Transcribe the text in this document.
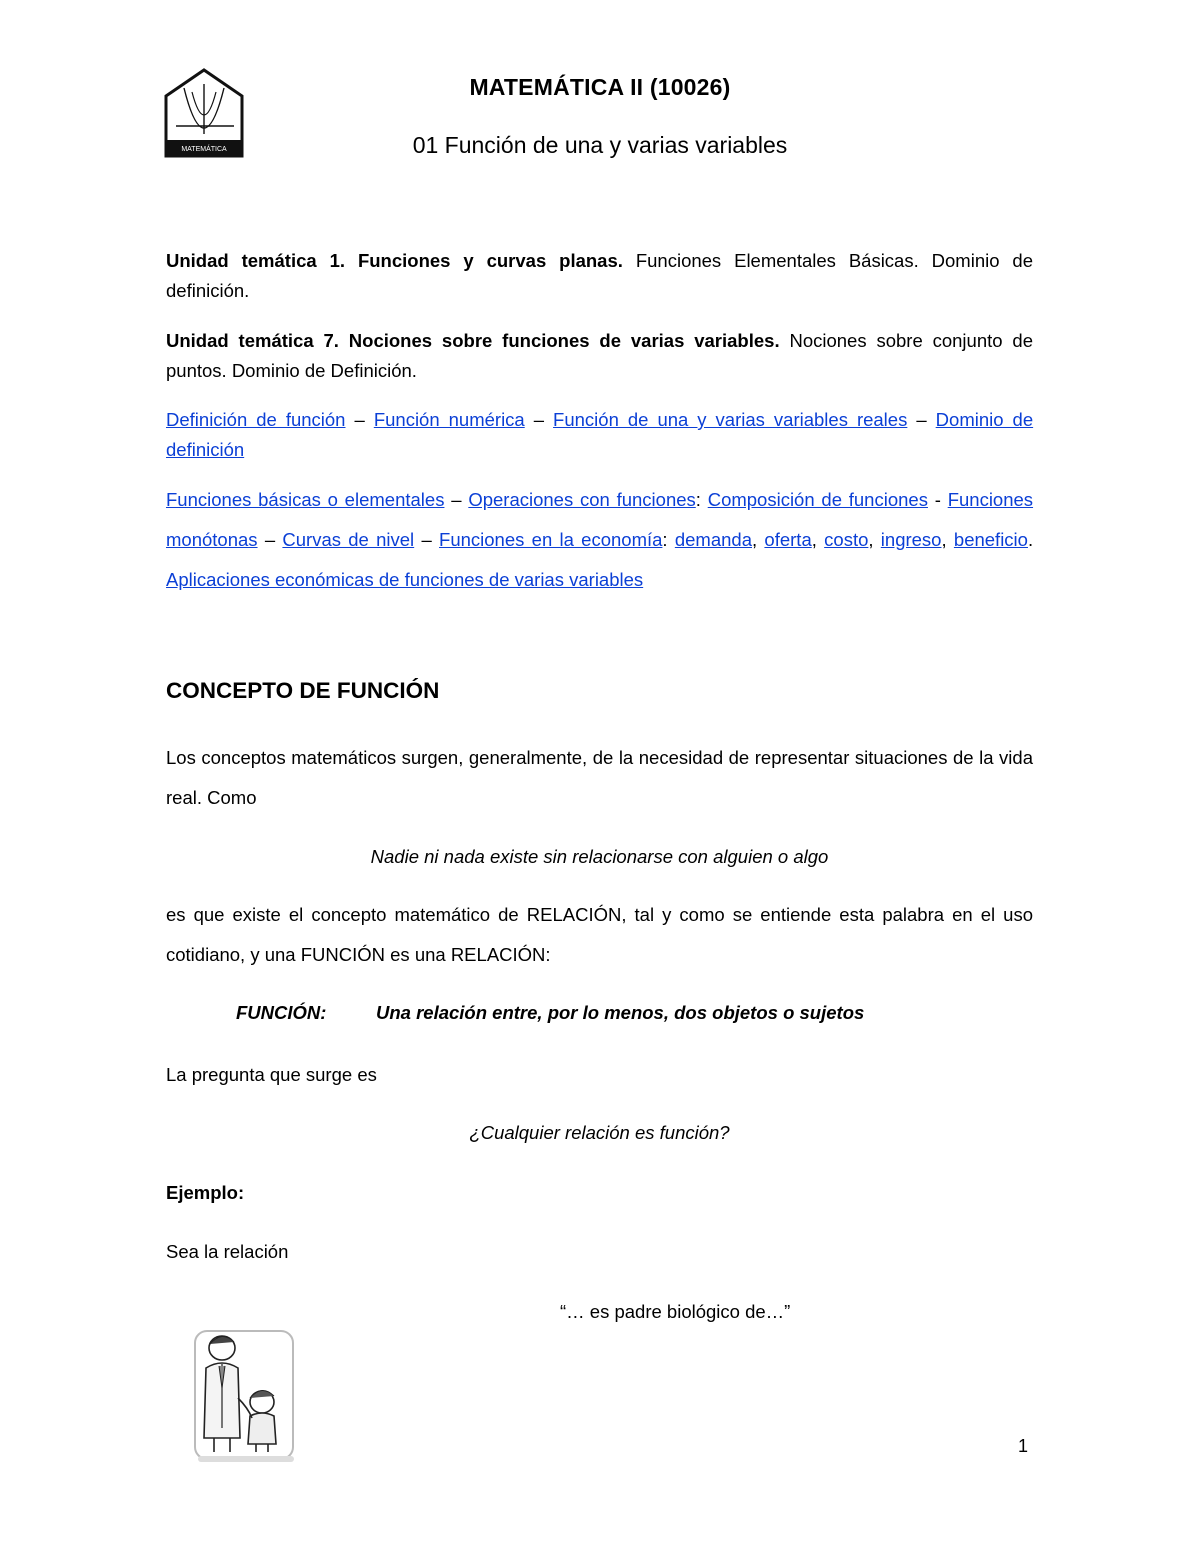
MATEMÁTICA
MATEMÁTICA II (10026)
01 Función de una y varias variables

Unidad temática 1. Funciones y curvas planas. Funciones Elementales Básicas. Dominio de definición.

Unidad temática 7. Nociones sobre funciones de varias variables. Nociones sobre conjunto de puntos. Dominio de Definición.

Definición de función – Función numérica – Función de una y varias variables reales – Dominio de definición

Funciones básicas o elementales – Operaciones con funciones: Composición de funciones - Funciones monótonas – Curvas de nivel – Funciones en la economía: demanda, oferta, costo, ingreso, beneficio. Aplicaciones económicas de funciones de varias variables

CONCEPTO DE FUNCIÓN

Los conceptos matemáticos surgen, generalmente, de la necesidad de representar situaciones de la vida real. Como

Nadie ni nada existe sin relacionarse con alguien o algo

es que existe el concepto matemático de RELACIÓN, tal y como se entiende esta palabra en el uso cotidiano, y una FUNCIÓN es una RELACIÓN:

FUNCIÓN:	Una relación entre, por lo menos, dos objetos o sujetos

La pregunta que surge es

¿Cualquier relación es función?

Ejemplo:

Sea la relación

“… es padre biológico de…”
1
